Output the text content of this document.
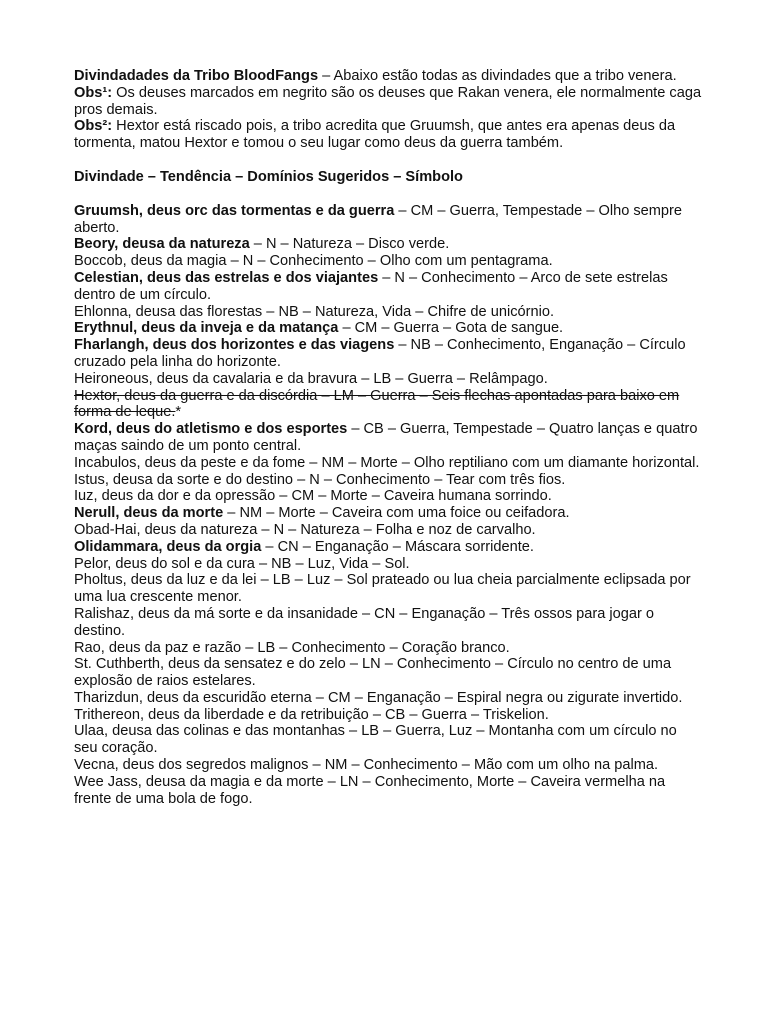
Divindadades da Tribo BloodFangs – Abaixo estão todas as divindades que a tribo venera.

Obs¹: Os deuses marcados em negrito são os deuses que Rakan venera, ele normalmente caga pros demais.

Obs²: Hextor está riscado pois, a tribo acredita que Gruumsh, que antes era apenas deus da tormenta, matou Hextor e tomou o seu lugar como deus da guerra também.

Divindade – Tendência – Domínios Sugeridos – Símbolo

Gruumsh, deus orc das tormentas e da guerra – CM – Guerra, Tempestade – Olho sempre aberto.

Beory, deusa da natureza – N – Natureza – Disco verde.

Boccob, deus da magia – N – Conhecimento – Olho com um pentagrama.

Celestian, deus das estrelas e dos viajantes – N – Conhecimento – Arco de sete estrelas dentro de um círculo.

Ehlonna, deusa das florestas – NB – Natureza, Vida – Chifre de unicórnio.

Erythnul, deus da inveja e da matança – CM – Guerra – Gota de sangue.

Fharlangh, deus dos horizontes e das viagens – NB – Conhecimento, Enganação – Círculo cruzado pela linha do horizonte.

Heironeous, deus da cavalaria e da bravura – LB – Guerra – Relâmpago.

Hextor, deus da guerra e da discórdia – LM – Guerra – Seis flechas apontadas para baixo em forma de leque.*

Kord, deus do atletismo e dos esportes – CB – Guerra, Tempestade – Quatro lanças e quatro maças saindo de um ponto central.

Incabulos, deus da peste e da fome – NM – Morte – Olho reptiliano com um diamante horizontal.

Istus, deusa da sorte e do destino – N – Conhecimento – Tear com três fios.

Iuz, deus da dor e da opressão – CM – Morte – Caveira humana sorrindo.

Nerull, deus da morte – NM – Morte – Caveira com uma foice ou ceifadora.

Obad-Hai, deus da natureza – N – Natureza – Folha e noz de carvalho.

Olidammara, deus da orgia – CN – Enganação – Máscara sorridente.

Pelor, deus do sol e da cura – NB – Luz, Vida – Sol.

Pholtus, deus da luz e da lei – LB – Luz – Sol prateado ou lua cheia parcialmente eclipsada por uma lua crescente menor.

Ralishaz, deus da má sorte e da insanidade – CN – Enganação – Três ossos para jogar o destino.

Rao, deus da paz e razão – LB – Conhecimento – Coração branco.

St. Cuthberth, deus da sensatez e do zelo – LN – Conhecimento – Círculo no centro de uma explosão de raios estelares.

Tharizdun, deus da escuridão eterna – CM – Enganação – Espiral negra ou zigurate invertido.

Trithereon, deus da liberdade e da retribuição – CB – Guerra – Triskelion.

Ulaa, deusa das colinas e das montanhas – LB – Guerra, Luz – Montanha com um círculo no seu coração.

Vecna, deus dos segredos malignos – NM – Conhecimento – Mão com um olho na palma.

Wee Jass, deusa da magia e da morte – LN – Conhecimento, Morte – Caveira vermelha na frente de uma bola de fogo.
